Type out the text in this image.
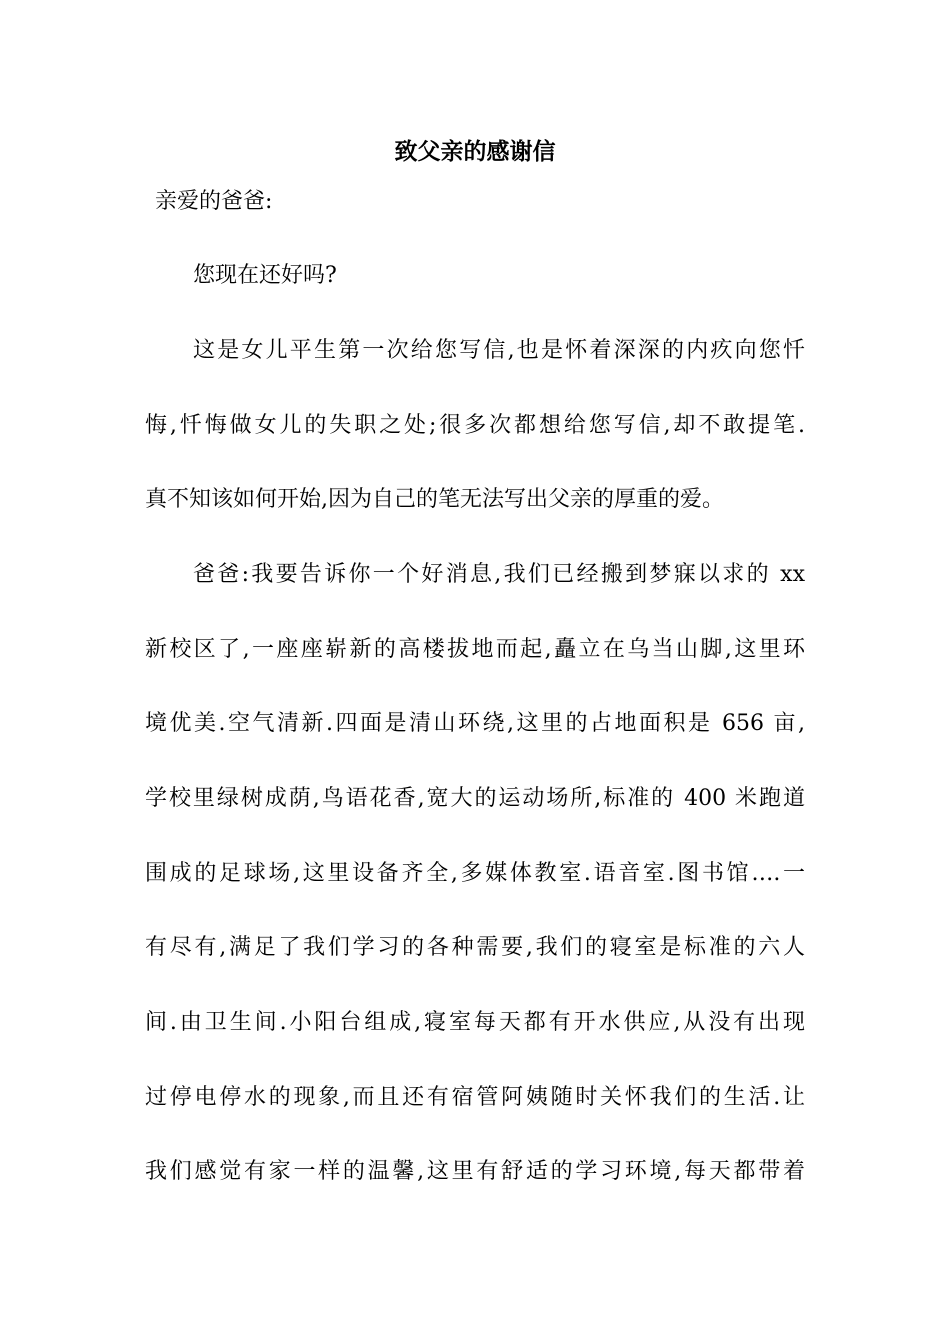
致父亲的感谢信
亲爱的爸爸:
您现在还好吗?
这是女儿平生第一次给您写信,也是怀着深深的内疚向您忏
悔,忏悔做女儿的失职之处;很多次都想给您写信,却不敢提笔.
真不知该如何开始,因为自己的笔无法写出父亲的厚重的爱。
爸爸:我要告诉你一个好消息,我们已经搬到梦寐以求的 xx
新校区了,一座座崭新的高楼拔地而起,矗立在乌当山脚,这里环
境优美.空气清新.四面是清山环绕,这里的占地面积是 656 亩,
学校里绿树成荫,鸟语花香,宽大的运动场所,标准的 400 米跑道
围成的足球场,这里设备齐全,多媒体教室.语音室.图书馆….一
有尽有,满足了我们学习的各种需要,我们的寝室是标准的六人
间.由卫生间.小阳台组成,寝室每天都有开水供应,从没有出现
过停电停水的现象,而且还有宿管阿姨随时关怀我们的生活.让
我们感觉有家一样的温馨,这里有舒适的学习环境,每天都带着
